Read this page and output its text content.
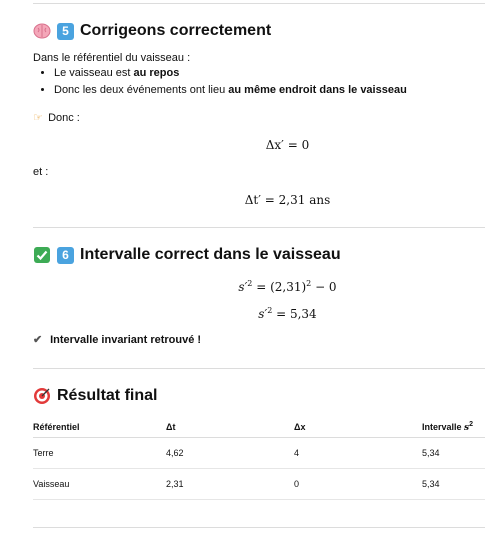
5 Corrigeons correctement
Dans le référentiel du vaisseau :
• Le vaisseau est au repos
• Donc les deux événements ont lieu au même endroit dans le vaisseau
☞ Donc :
Δx′ = 0
et :
Δt′ = 2,31 ans
6 Intervalle correct dans le vaisseau
$s'^2 = (2,31)^2 - 0$
$s'^2 = 5,34$
✔ Intervalle invariant retrouvé !
Résultat final
Référentiel	Δt	Δx	Intervalle $s^2$
Terre	4,62	4	5,34
Vaisseau	2,31	0	5,34
